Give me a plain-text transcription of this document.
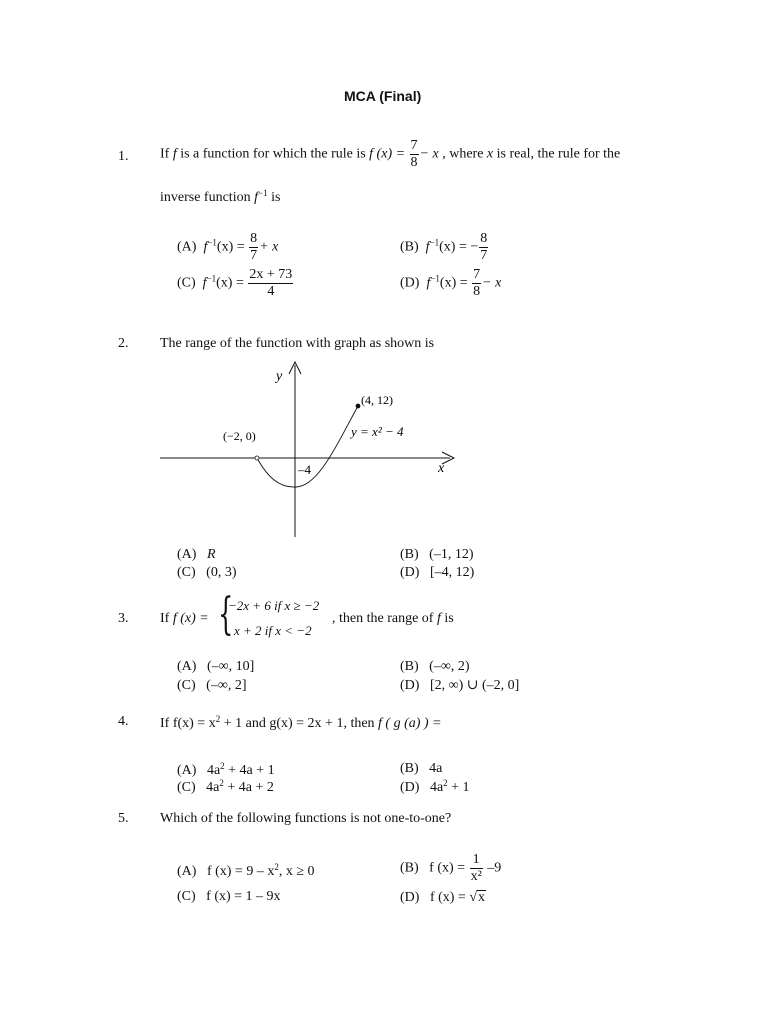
MCA (Final)
1. If f is a function for which the rule is f $(x) = \frac{7}{8} - x$ , where x is real, the rule for the
inverse function $f^{-1}$ is
(A) $f^{-1}(x) = \frac{8}{7} + x$	(B) $f^{-1}(x)$ = − $\frac{8}{7}$
(C) $f^{-1}(x) = \frac{2x + 73}{4}$	(D) $f^{-1}(x) = \frac{7}{8} - x$
2. The range of the function with graph as shown is
y
x
(−2, 0)
(4, 12)
y = x² − 4
–4
(A) R	(B) (–1, 12)
(C) (0, 3)	(D) [–4, 12)
3. If f (x) = {
−2x + 6 if x ≥ −2
x + 2 if x < −2
, then the range of f is
(A) (–∞, 10]	(B) (–∞, 2)
(C) (–∞, 2]	(D) [2, ∞) ∪ (–2, 0]
4. If $f(x) = x^2 + 1$ and g(x) = 2x + 1, then f ( g (a) ) =
(A) $4a^2 + 4a + 1$	(B) 4a
(C) $4a^2 + 4a + 2$	(D) $4a^2 + 1$
5. Which of the following functions is not one-to-one?
(A) f $(x) = 9 - x^2$, x ≥ 0	(B) f $(x) = \frac{1}{\text{x²}} -9$
(C) f (x) = 1 – 9x	(D) f (x) = √x
